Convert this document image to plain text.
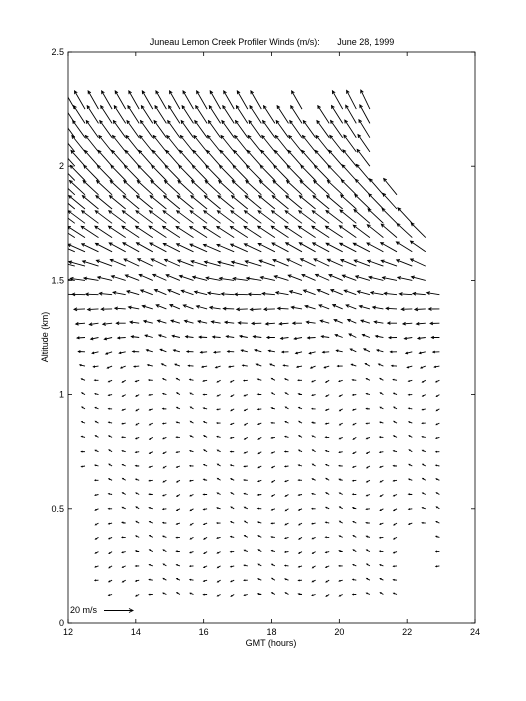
Juneau Lemon Creek Profiler Winds (m/s):       June 28, 1999
12	14	16	18	20	22	24
0
0.5
1
1.5
2
2.5
20 m/s
GMT (hours)
Altitude (km)
